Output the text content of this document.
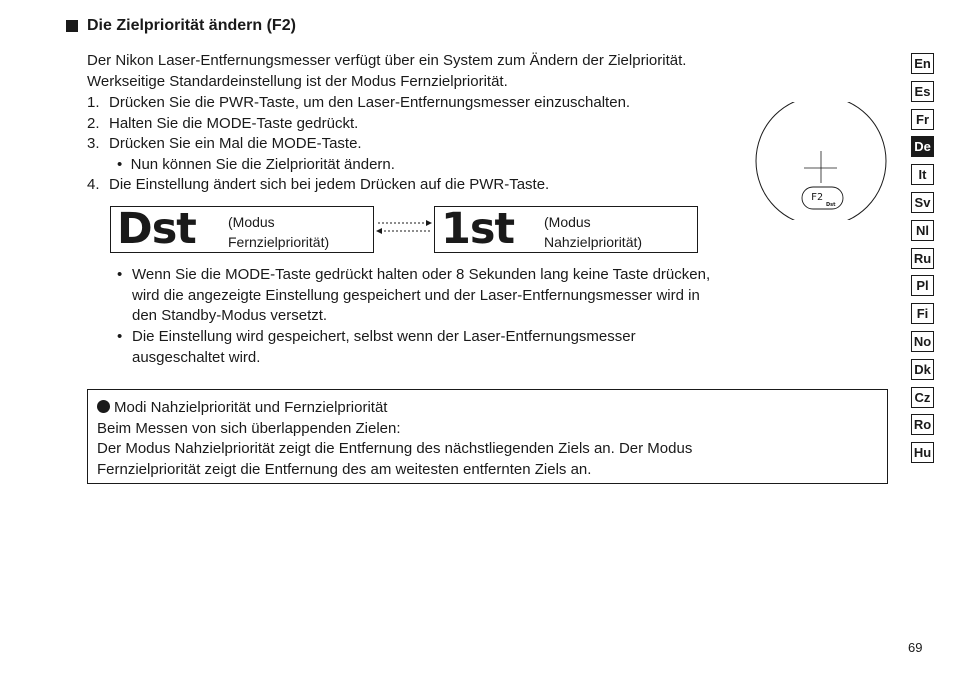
Die Zielpriorität ändern (F2)
Der Nikon Laser-Entfernungsmesser verfügt über ein System zum Ändern der Zielpriorität.
Werkseitige Standardeinstellung ist der Modus Fernzielpriorität.
1. Drücken Sie die PWR-Taste, um den Laser-Entfernungsmesser einzuschalten.
2. Halten Sie die MODE-Taste gedrückt.
3. Drücken Sie ein Mal die MODE-Taste.
• Nun können Sie die Zielpriorität ändern.
4. Die Einstellung ändert sich bei jedem Drücken auf die PWR-Taste.
Dst (Modus
Fernzielpriorität)	1st (Modus
Nahzielpriorität)
• Wenn Sie die MODE-Taste gedrückt halten oder 8 Sekunden lang keine Taste drücken, wird die angezeigte Einstellung gespeichert und der Laser-Entfernungsmesser wird in den Standby-Modus versetzt.
• Die Einstellung wird gespeichert, selbst wenn der Laser-Entfernungsmesser ausgeschaltet wird.
Modi Nahzielpriorität und Fernzielpriorität
Beim Messen von sich überlappenden Zielen:
Der Modus Nahzielpriorität zeigt die Entfernung des nächstliegenden Ziels an. Der Modus
Fernzielpriorität zeigt die Entfernung des am weitesten entfernten Ziels an.
F2
Dst
En
Es
Fr
De
It
Sv
Nl
Ru
Pl
Fi
No
Dk
Cz
Ro
Hu
69
